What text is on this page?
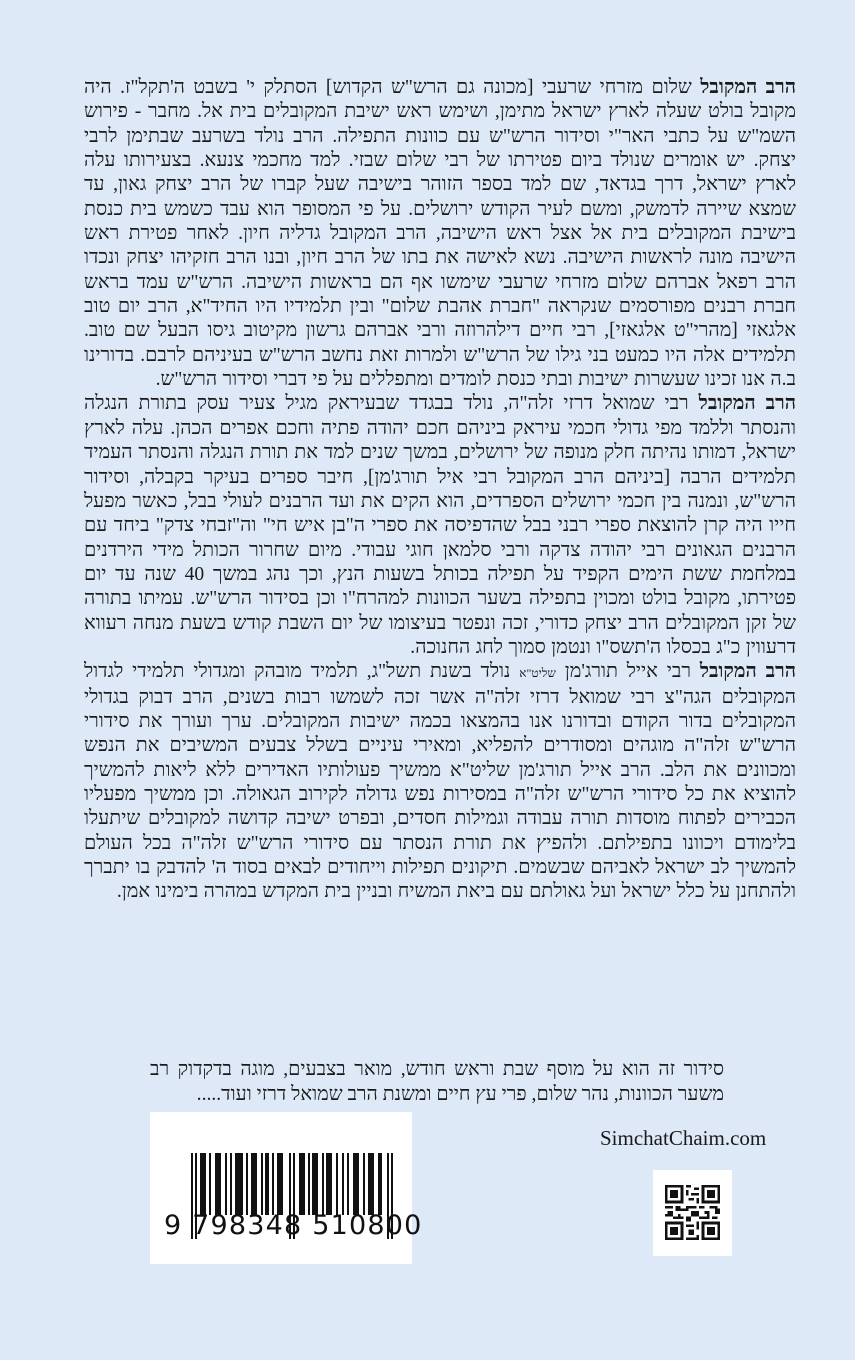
הרב המקובל שלום מזרחי שרעבי [מכונה גם הרש"ש הקדוש] הסתלק י' בשבט ה'תקל"ז. היה מקובל בולט שעלה לארץ ישראל מתימן, ושימש ראש ישיבת המקובלים בית אל. מחבר - פירוש השמ"ש על כתבי האר"י וסידור הרש"ש עם כוונות התפילה. הרב נולד בשרעב שבתימן לרבי יצחק. יש אומרים שנולד ביום פטירתו של רבי שלום שבזי. למד מחכמי צנעא. בצעירותו עלה לארץ ישראל, דרך בגדאד, שם למד בספר הזוהר בישיבה שעל קברו של הרב יצחק גאון, עד שמצא שיירה לדמשק, ומשם לעיר הקודש ירושלים. על פי המסופר הוא עבד כשמש בית כנסת בישיבת המקובלים בית אל אצל ראש הישיבה, הרב המקובל גדליה חיון. לאחר פטירת ראש הישיבה מונה לראשות הישיבה. נשא לאישה את בתו של הרב חיון, ובנו הרב חזקיהו יצחק ונכדו הרב רפאל אברהם שלום מזרחי שרעבי שימשו אף הם בראשות הישיבה. הרש"ש עמד בראש חברת רבנים מפורסמים שנקראה "חברת אהבת שלום" ובין תלמידיו היו החיד"א, הרב יום טוב אלגאזי [מהרי"ט אלגאזי], רבי חיים דילהרוזה ורבי אברהם גרשון מקיטוב גיסו הבעל שם טוב. תלמידים אלה היו כמעט בני גילו של הרש"ש ולמרות זאת נחשב הרש"ש בעיניהם לרבם. בדורינו ב.ה אנו זכינו שעשרות ישיבות ובתי כנסת לומדים ומתפללים על פי דברי וסידור הרש"ש.

הרב המקובל רבי שמואל דרזי זלה"ה, נולד בבגדד שבעיראק מגיל צעיר עסק בתורת הנגלה והנסתר וללמד מפי גדולי חכמי עיראק ביניהם חכם יהודה פתיה וחכם אפרים הכהן. עלה לארץ ישראל, דמותו נהיתה חלק מנופה של ירושלים, במשך שנים למד את תורת הנגלה והנסתר העמיד תלמידים הרבה [ביניהם הרב המקובל רבי איל תורג'מן], חיבר ספרים בעיקר בקבלה, וסידור הרש"ש, ונמנה בין חכמי ירושלים הספרדים, הוא הקים את ועד הרבנים לעולי בבל, כאשר מפעל חייו היה קרן להוצאת ספרי רבני בבל שהדפיסה את ספרי ה"בן איש חי" וה"זבחי צדק" ביחד עם הרבנים הגאונים רבי יהודה צדקה ורבי סלמאן חוגי עבודי. מיום שחרור הכותל מידי הירדנים במלחמת ששת הימים הקפיד על תפילה בכותל בשעות הנץ, וכך נהג במשך 40 שנה עד יום פטירתו, מקובל בולט ומכוין בתפילה בשער הכוונות למהרח"ו וכן בסידור הרש"ש. עמיתו בתורה של זקן המקובלים הרב יצחק כדורי, זכה ונפטר בעיצומו של יום השבת קודש בשעת מנחה רעווא דרעווין כ"ג בכסלו ה'תשס"ו ונטמן סמוך לחג החנוכה.

הרב המקובל רבי אייל תורג'מן שליט"א נולד בשנת תשל"ג, תלמיד מובהק ומגדולי תלמידי לגדול המקובלים הגה"צ רבי שמואל דרזי זלה"ה אשר זכה לשמשו רבות בשנים, הרב דבוק בגדולי המקובלים בדור הקודם ובדורנו אנו בהמצאו בכמה ישיבות המקובלים. ערך ועורך את סידורי הרש"ש זלה"ה מוגהים ומסודרים להפליא, ומאירי עיניים בשלל צבעים המשיבים את הנפש ומכוונים את הלב. הרב אייל תורג'מן שליט"א ממשיך פעולותיו האדירים ללא ליאות להמשיך להוציא את כל סידורי הרש"ש זלה"ה במסירות נפש גדולה לקירוב הגאולה. וכן ממשיך מפעליו הכבירים לפתוח מוסדות תורה עבודה וגמילות חסדים, ובפרט ישיבה קדושה למקובלים שיתעלו בלימודם ויכוונו בתפילתם. ולהפיץ את תורת הנסתר עם סידורי הרש"ש זלה"ה בכל העולם להמשיך לב ישראל לאביהם שבשמים. תיקונים תפילות וייחודים לבאים בסוד ה' להדבק בו יתברך ולהתחנן על כלל ישראל ועל גאולתם עם ביאת המשיח ובניין בית המקדש במהרה בימינו אמן.

סידור זה הוא על מוסף שבת וראש חודש, מואר בצבעים, מוגה בדקדוק רב משער הכוונות, נהר שלום, פרי עץ חיים ומשנת הרב שמואל דרזי ועוד.....

9 798348 510800
SimchatChaim.com
